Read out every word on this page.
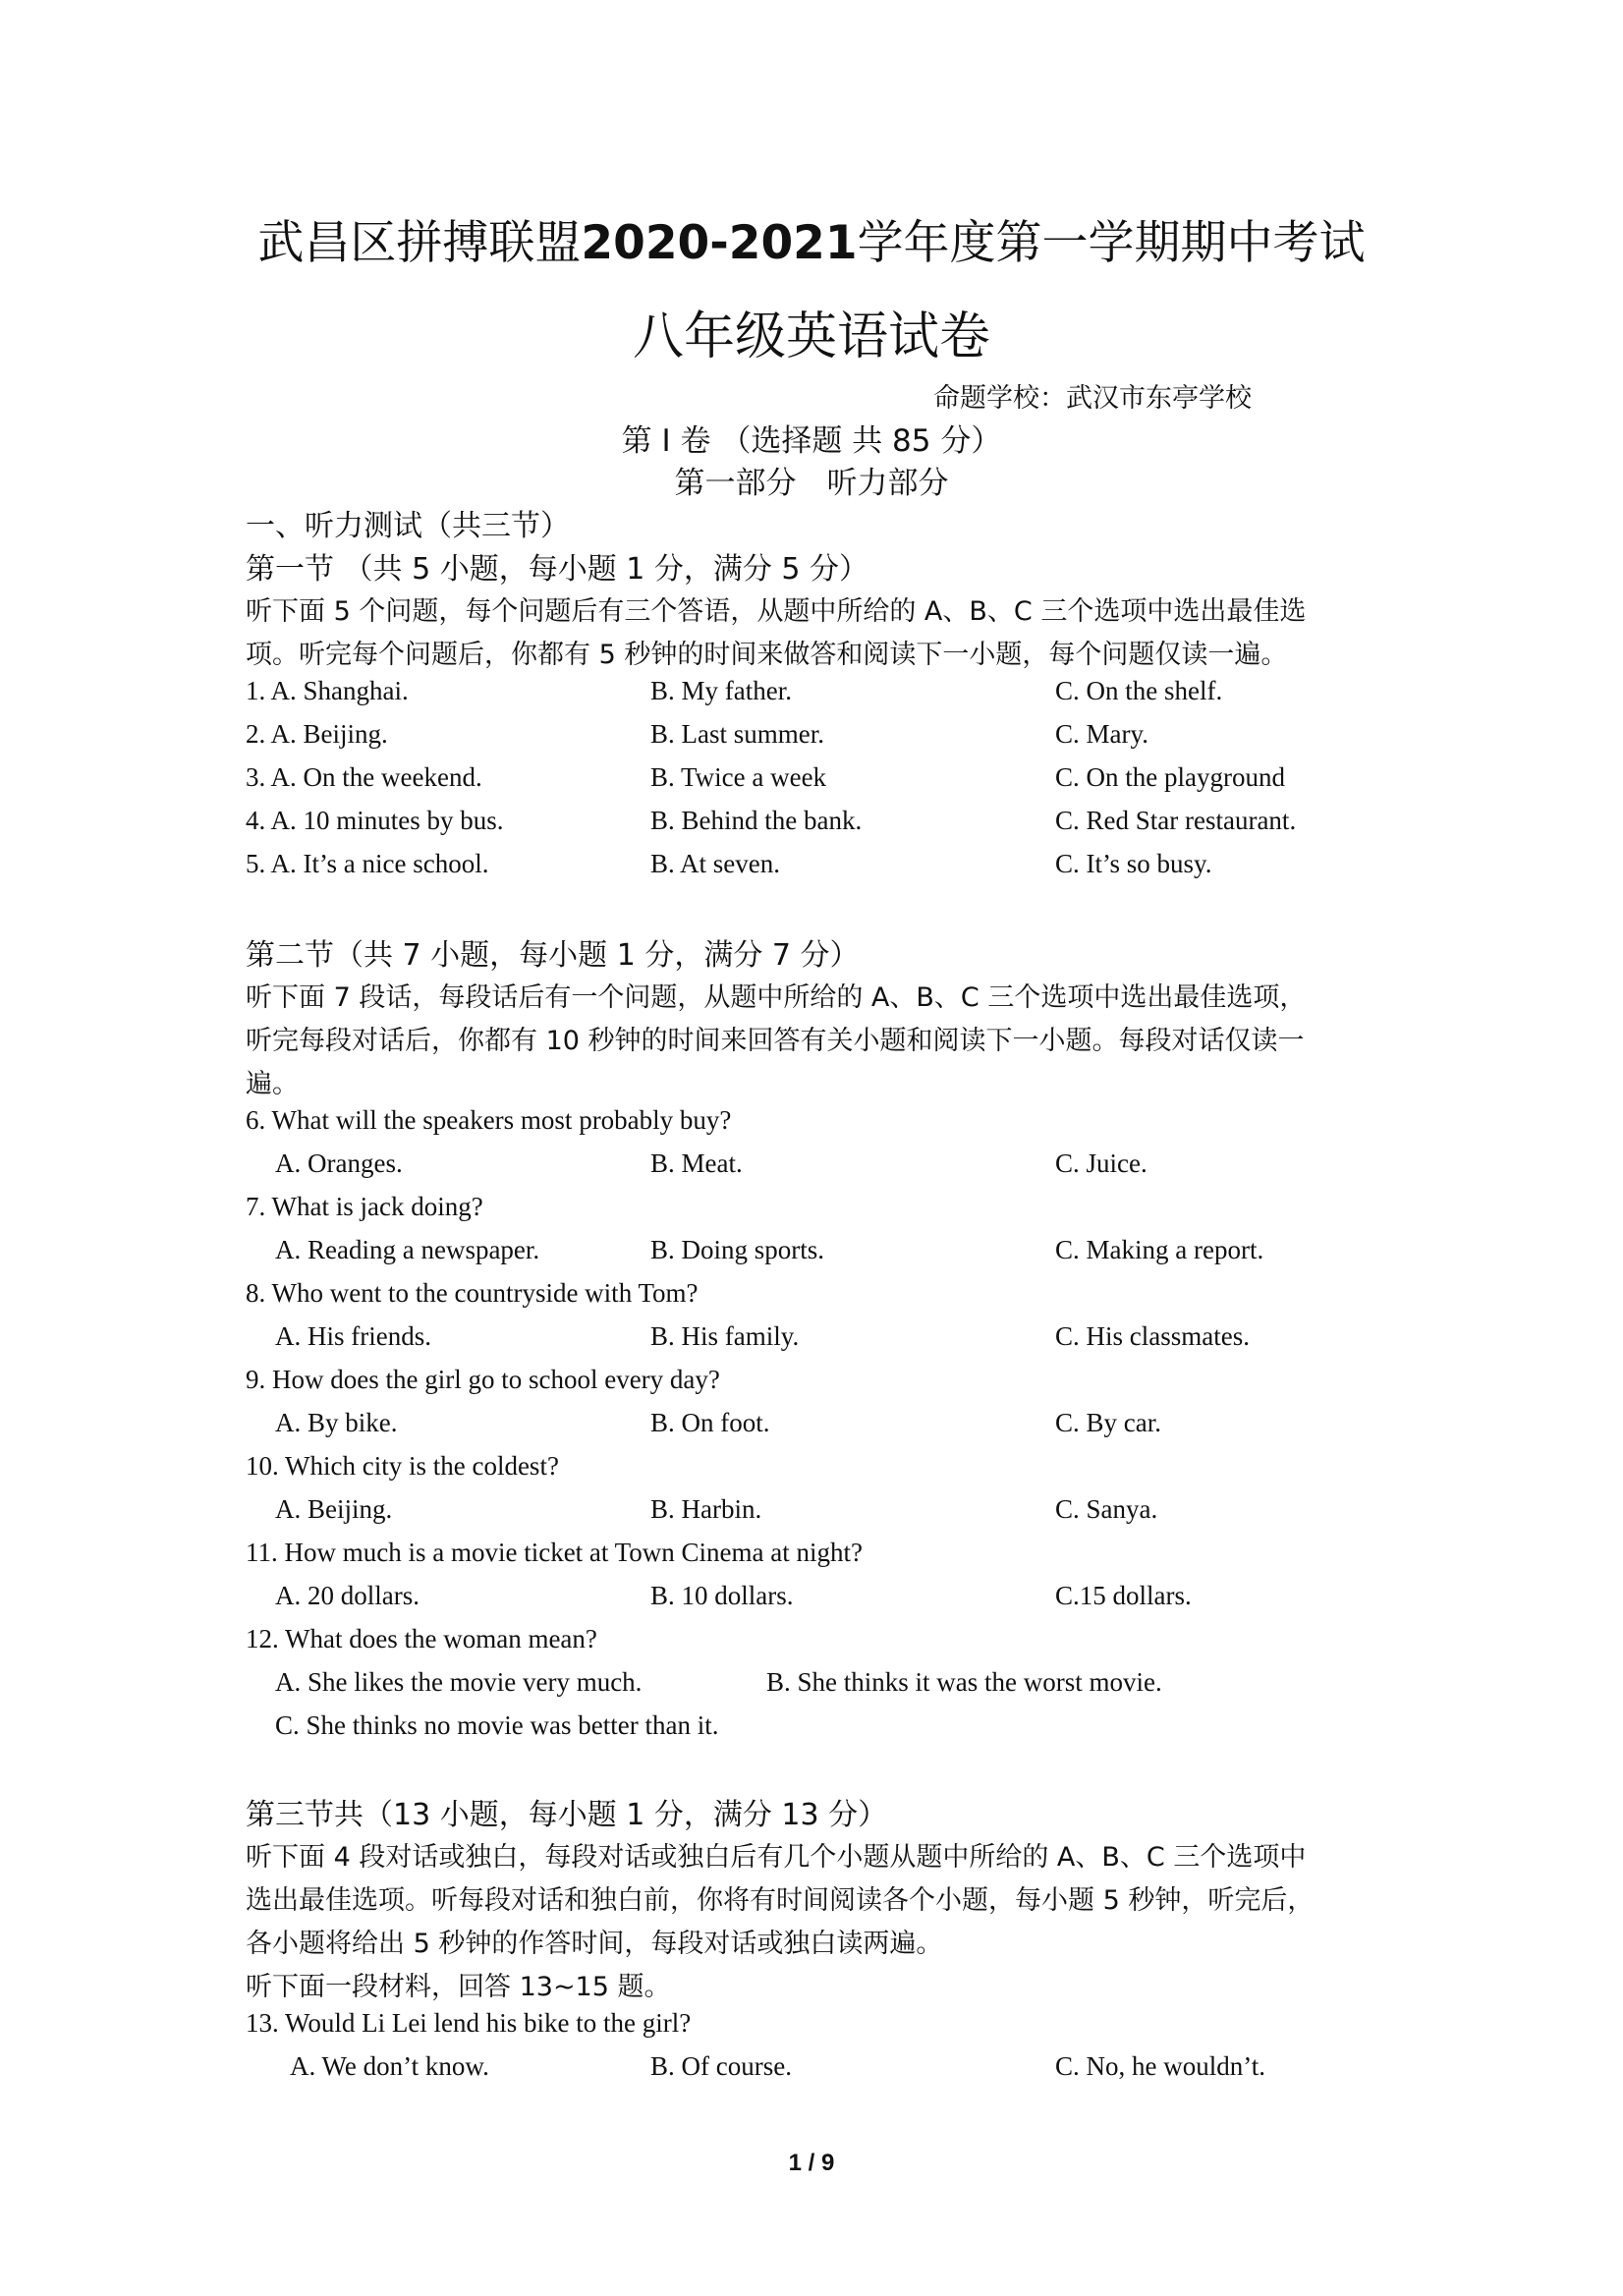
武昌区拼搏联盟2020-2021学年度第一学期期中考试
八年级英语试卷
命题学校：武汉市东亭学校
第 I 卷 （选择题 共 85 分）
第一部分　听力部分
一、听力测试（共三节）
第一节 （共 5 小题，每小题 1 分，满分 5 分）
听下面 5 个问题，每个问题后有三个答语，从题中所给的 A、B、C 三个选项中选出最佳选
项。听完每个问题后，你都有 5 秒钟的时间来做答和阅读下一小题，每个问题仅读一遍。
1. A. Shanghai.	B. My father.	C. On the shelf.
2. A. Beijing.	B. Last summer.	C. Mary.
3. A. On the weekend.	B. Twice a week	C. On the playground
4. A. 10 minutes by bus.	B. Behind the bank.	C. Red Star restaurant.
5. A. It’s a nice school.	B. At seven.	C. It’s so busy.
第二节（共 7 小题，每小题 1 分，满分 7 分）
听下面 7 段话，每段话后有一个问题，从题中所给的 A、B、C 三个选项中选出最佳选项，
听完每段对话后，你都有 10 秒钟的时间来回答有关小题和阅读下一小题。每段对话仅读一
遍。
6. What will the speakers most probably buy?
A. Oranges.	B. Meat.	C. Juice.
7. What is jack doing?
A. Reading a newspaper.	B. Doing sports.	C. Making a report.
8. Who went to the countryside with Tom?
A. His friends.	B. His family.	C. His classmates.
9. How does the girl go to school every day?
A. By bike.	B. On foot.	C. By car.
10. Which city is the coldest?
A. Beijing.	B. Harbin.	C. Sanya.
11. How much is a movie ticket at Town Cinema at night?
A. 20 dollars.	B. 10 dollars.	C.15 dollars.
12. What does the woman mean?
A. She likes the movie very much.	B. She thinks it was the worst movie.
C. She thinks no movie was better than it.
第三节共（13 小题，每小题 1 分，满分 13 分）
听下面 4 段对话或独白，每段对话或独白后有几个小题从题中所给的 A、B、C 三个选项中
选出最佳选项。听每段对话和独白前，你将有时间阅读各个小题，每小题 5 秒钟，听完后，
各小题将给出 5 秒钟的作答时间，每段对话或独白读两遍。
听下面一段材料，回答 13~15 题。
13. Would Li Lei lend his bike to the girl?
A. We don’t know.	B. Of course.	C. No, he wouldn’t.
1 / 9
